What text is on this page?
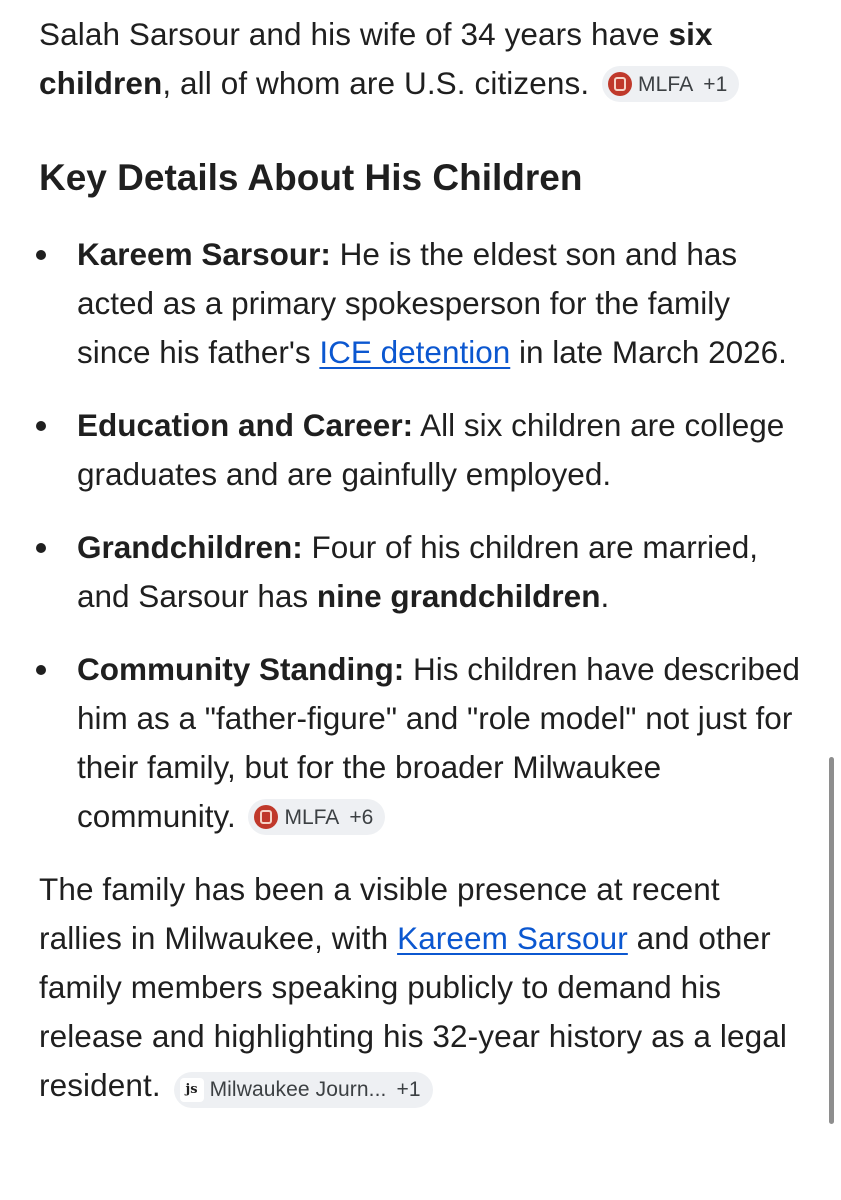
Salah Sarsour and his wife of 34 years have six children, all of whom are U.S. citizens. MLFA +1

Key Details About His Children
Kareem Sarsour: He is the eldest son and has acted as a primary spokesperson for the family since his father's ICE detention in late March 2026.
Education and Career: All six children are college graduates and are gainfully employed.
Grandchildren: Four of his children are married, and Sarsour has nine grandchildren.
Community Standing: His children have described him as a "father-figure" and "role model" not just for their family, but for the broader Milwaukee community. MLFA +6

The family has been a visible presence at recent rallies in Milwaukee, with Kareem Sarsour and other family members speaking publicly to demand his release and highlighting his 32-year history as a legal resident.	js Milwaukee Journ... +1
